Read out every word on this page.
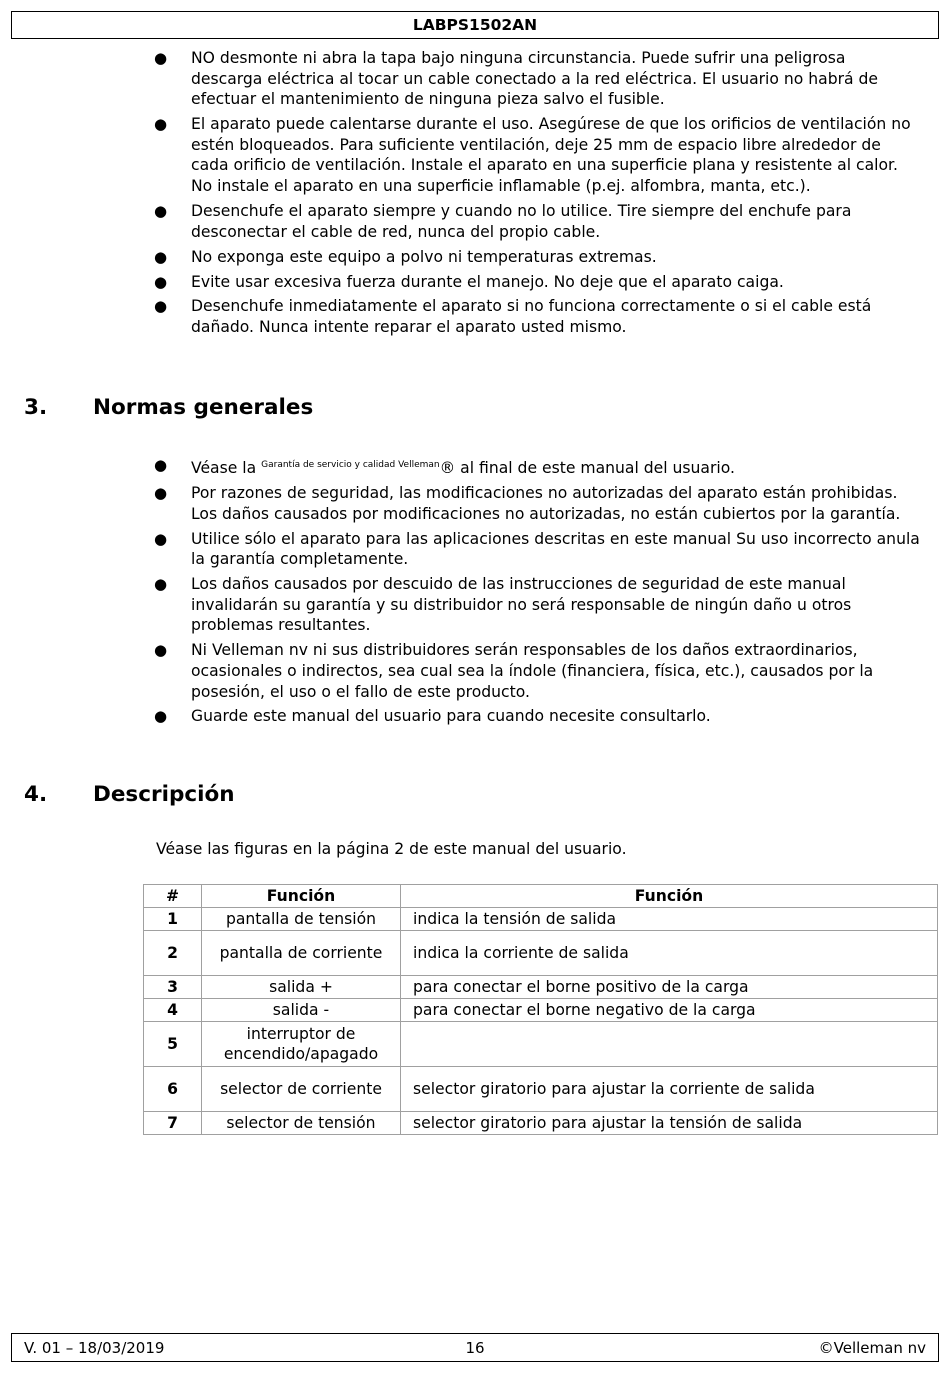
LABPS1502AN
● NO desmonte ni abra la tapa bajo ninguna circunstancia. Puede sufrir una peligrosa descarga eléctrica al tocar un cable conectado a la red eléctrica. El usuario no habrá de efectuar el mantenimiento de ninguna pieza salvo el fusible.
● El aparato puede calentarse durante el uso. Asegúrese de que los orificios de ventilación no estén bloqueados. Para suficiente ventilación, deje 25 mm de espacio libre alrededor de cada orificio de ventilación. Instale el aparato en una superficie plana y resistente al calor. No instale el aparato en una superficie inflamable (p.ej. alfombra, manta, etc.).
● Desenchufe el aparato siempre y cuando no lo utilice. Tire siempre del enchufe para desconectar el cable de red, nunca del propio cable.
● No exponga este equipo a polvo ni temperaturas extremas.
● Evite usar excesiva fuerza durante el manejo. No deje que el aparato caiga.
● Desenchufe inmediatamente el aparato si no funciona correctamente o si el cable está dañado. Nunca intente reparar el aparato usted mismo.
3. Normas generales
● Véase la $^{Garantía de servicio y calidad Velleman}$® al final de este manual del usuario.
● Por razones de seguridad, las modificaciones no autorizadas del aparato están prohibidas. Los daños causados por modificaciones no autorizadas, no están cubiertos por la garantía.
● Utilice sólo el aparato para las aplicaciones descritas en este manual Su uso incorrecto anula la garantía completamente.
● Los daños causados por descuido de las instrucciones de seguridad de este manual invalidarán su garantía y su distribuidor no será responsable de ningún daño u otros problemas resultantes.
● Ni Velleman nv ni sus distribuidores serán responsables de los daños extraordinarios, ocasionales o indirectos, sea cual sea la índole (financiera, física, etc.), causados por la posesión, el uso o el fallo de este producto.
● Guarde este manual del usuario para cuando necesite consultarlo.
4. Descripción
Véase las figuras en la página 2 de este manual del usuario.
#	Función	Función
1	pantalla de tensión	indica la tensión de salida
2	pantalla de corriente	indica la corriente de salida
3	salida +	para conectar el borne positivo de la carga
4	salida -	para conectar el borne negativo de la carga
5	interruptor de encendido/apagado	
6	selector de corriente	selector giratorio para ajustar la corriente de salida
7	selector de tensión	selector giratorio para ajustar la tensión de salida
V. 01 – 18/03/2019	16	©Velleman nv
